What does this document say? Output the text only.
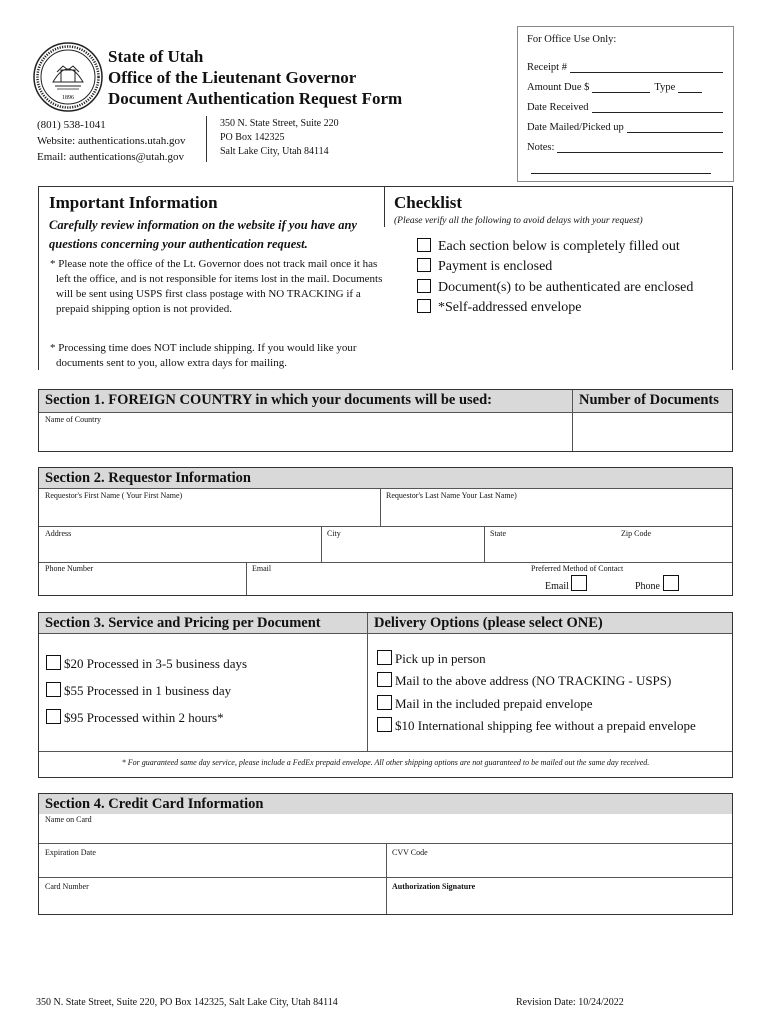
1896
State of Utah
Office of the Lieutenant Governor
Document Authentication Request Form
(801) 538-1041
Website: authentications.utah.gov
Email: authentications@utah.gov
350 N. State Street, Suite 220
PO Box 142325
Salt Lake City, Utah 84114
For Office Use Only:
Receipt #
Amount Due $	Type
Date Received
Date Mailed/Picked up
Notes:
Important Information
Carefully review information on the website if you have any questions concerning your authentication request.
* Please note the office of the Lt. Governor does not track mail once it has left the office, and is not responsible for items lost in the mail. Documents will be sent using USPS first class postage with NO TRACKING if a prepaid shipping option is not provided.
* Processing time does NOT include shipping. If you would like your documents sent to you, allow extra days for mailing.
Checklist
(Please verify all the following to avoid delays with your request)
Each section below is completely filled out
Payment is enclosed
Document(s) to be authenticated are enclosed
*Self-addressed envelope
Section 1. FOREIGN COUNTRY in which your documents will be used:	Number of Documents
Name of Country
Section 2. Requestor Information
Requestor's First Name ( Your First Name)	Requestor's Last Name Your Last Name)
Address	City	State	Zip Code
Phone Number	Email	Preferred Method of Contact
Email	Phone
Section 3. Service and Pricing per Document	Delivery Options (please select ONE)
$20 Processed in 3-5 business days
$55 Processed in 1 business day
$95 Processed within 2 hours*
Pick up in person
Mail to the above address (NO TRACKING - USPS)
Mail in the included prepaid envelope
$10 International shipping fee without a prepaid envelope
* For guaranteed same day service, please include a FedEx prepaid envelope. All other shipping options are not guaranteed to be mailed out the same day received.
Section 4. Credit Card Information
Name on Card
Expiration Date	CVV Code
Card Number	Authorization Signature
350 N. State Street, Suite 220, PO Box 142325, Salt Lake City, Utah 84114	Revision Date: 10/24/2022
